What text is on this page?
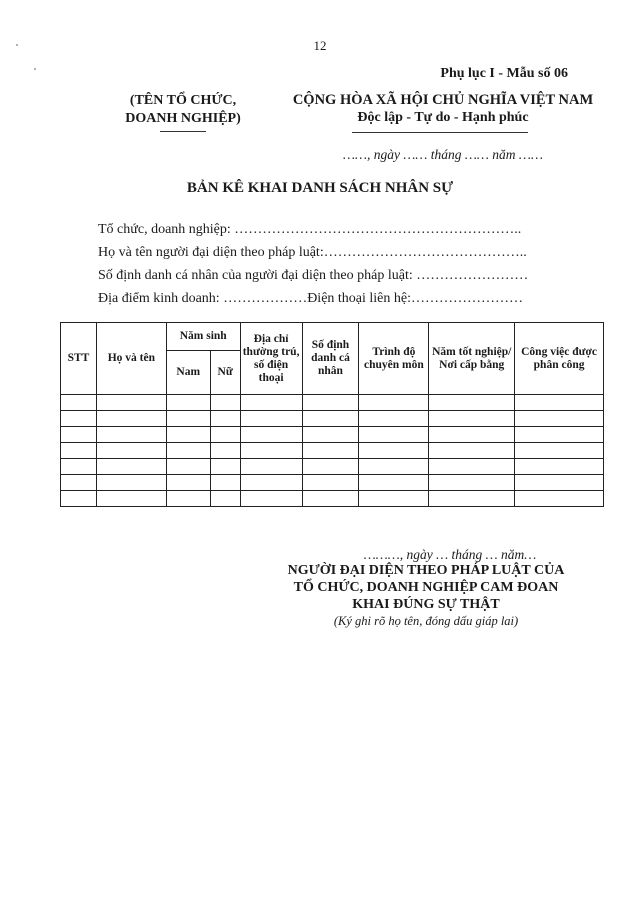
12
Phụ lục I - Mẫu số 06
(TÊN TỔ CHỨC,
DOANH NGHIỆP)
CỘNG HÒA XÃ HỘI CHỦ NGHĨA VIỆT NAM
Độc lập - Tự do - Hạnh phúc
……, ngày …… tháng …… năm ……
BẢN KÊ KHAI DANH SÁCH NHÂN SỰ
Tổ chức, doanh nghiệp: ……………………………………………………..
Họ và tên người đại diện theo pháp luật:……………………………………..
Số định danh cá nhân của người đại diện theo pháp luật: ……………………
Địa điểm kinh doanh: ………………Điện thoại liên hệ:……………………
STT	Họ và tên	Năm sinh		Địa chỉ thường trú, số điện thoại	Số định danh cá nhân	Trình độ chuyên môn	Năm tốt nghiệp/ Nơi cấp bằng	Công việc được phân công
		Nam	Nữ					

………, ngày … tháng … năm…
NGƯỜI ĐẠI DIỆN THEO PHÁP LUẬT CỦA
TỔ CHỨC, DOANH NGHIỆP CAM ĐOAN
KHAI ĐÚNG SỰ THẬT
(Ký ghi rõ họ tên, đóng dấu giáp lai)
